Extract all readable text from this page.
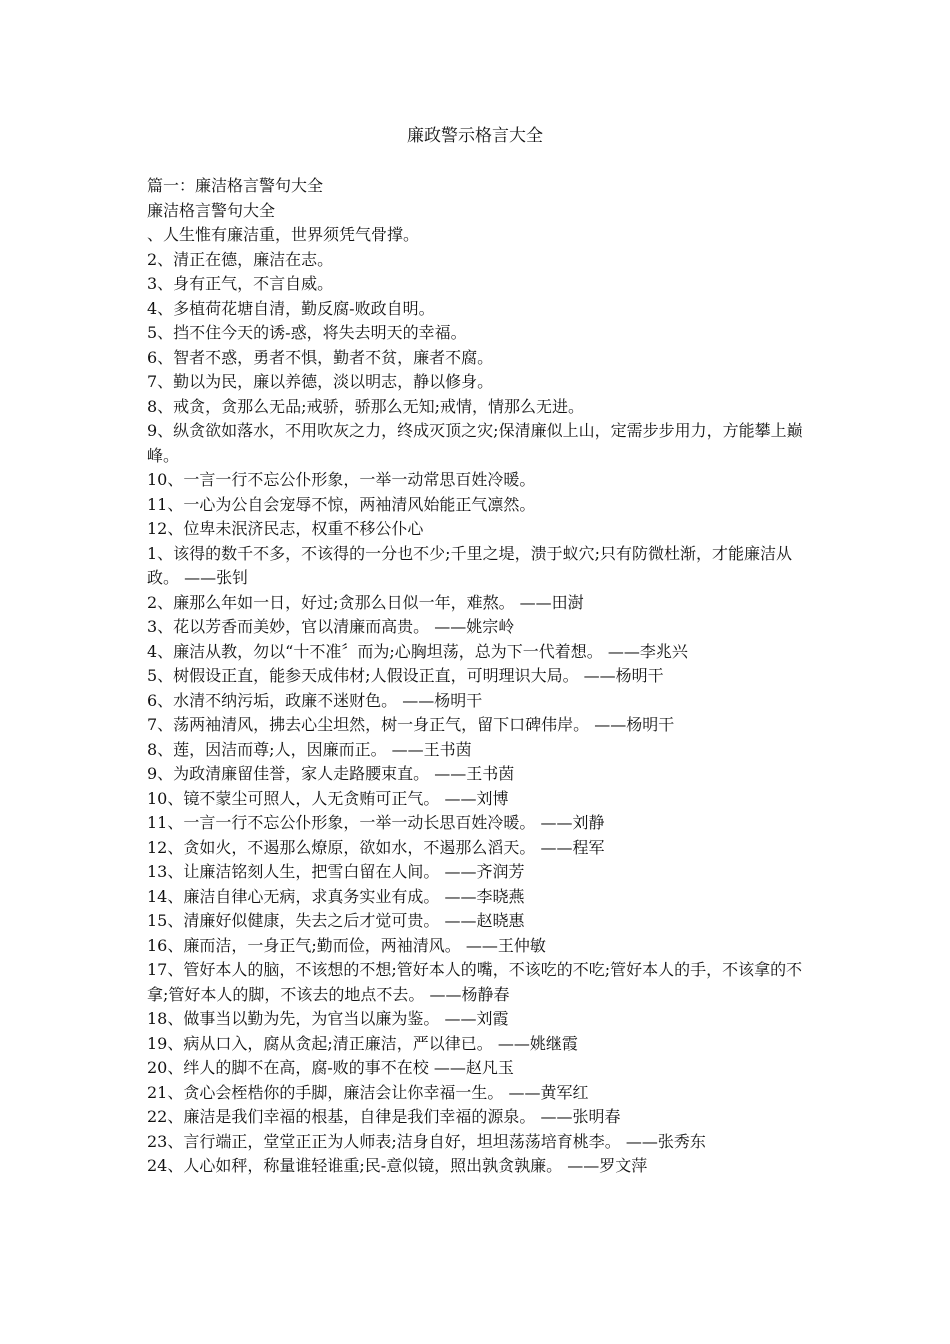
廉政警示格言大全

篇一：廉洁格言警句大全

廉洁格言警句大全

、人生惟有廉洁重，世界须凭气骨撑。

2、清正在德，廉洁在志。

3、身有正气，不言自威。

4、多植荷花塘自清，勤反腐-败政自明。

5、挡不住今天的诱-惑，将失去明天的幸福。

6、智者不惑，勇者不惧，勤者不贫，廉者不腐。

7、勤以为民，廉以养德，淡以明志，静以修身。

8、戒贪，贪那么无品;戒骄，骄那么无知;戒情，情那么无进。

9、纵贪欲如落水，不用吹灰之力，终成灭顶之灾;保清廉似上山，定需步步用力，方能攀上巅峰。

10、一言一行不忘公仆形象，一举一动常思百姓冷暖。

11、一心为公自会宠辱不惊，两袖清风始能正气凛然。

12、位卑未泯济民志，权重不移公仆心

1、该得的数千不多，不该得的一分也不少;千里之堤，溃于蚁穴;只有防微杜渐，才能廉洁从政。 ——张钊

2、廉那么年如一日，好过;贪那么日似一年，难熬。 ——田澍

3、花以芳香而美妙，官以清廉而高贵。 ——姚宗岭

4、廉洁从教，勿以“十不准〞而为;心胸坦荡，总为下一代着想。 ——李兆兴

5、树假设正直，能参天成伟材;人假设正直，可明理识大局。 ——杨明干

6、水清不纳污垢，政廉不迷财色。 ——杨明干

7、荡两袖清风，拂去心尘坦然，树一身正气，留下口碑伟岸。 ——杨明干

8、莲，因洁而尊;人，因廉而正。 ——王书茵

9、为政清廉留佳誉，家人走路腰束直。 ——王书茵

10、镜不蒙尘可照人，人无贪贿可正气。 ——刘博

11、一言一行不忘公仆形象，一举一动长思百姓冷暖。 ——刘静

12、贪如火，不遏那么燎原，欲如水，不遏那么滔天。 ——程军

13、让廉洁铭刻人生，把雪白留在人间。 ——齐润芳

14、廉洁自律心无病，求真务实业有成。 ——李晓燕

15、清廉好似健康，失去之后才觉可贵。 ——赵晓惠

16、廉而洁，一身正气;勤而俭，两袖清风。 ——王仲敏

17、管好本人的脑，不该想的不想;管好本人的嘴，不该吃的不吃;管好本人的手，不该拿的不拿;管好本人的脚，不该去的地点不去。 ——杨静春

18、做事当以勤为先，为官当以廉为鉴。 ——刘霞

19、病从口入，腐从贪起;清正廉洁，严以律已。 ——姚继霞

20、绊人的脚不在高，腐-败的事不在校 ——赵凡玉

21、贪心会桎梏你的手脚，廉洁会让你幸福一生。 ——黄军红

22、廉洁是我们幸福的根基，自律是我们幸福的源泉。 ——张明春

23、言行端正，堂堂正正为人师表;洁身自好，坦坦荡荡培育桃李。 ——张秀东

24、人心如秤，称量谁轻谁重;民-意似镜，照出孰贪孰廉。 ——罗文萍
